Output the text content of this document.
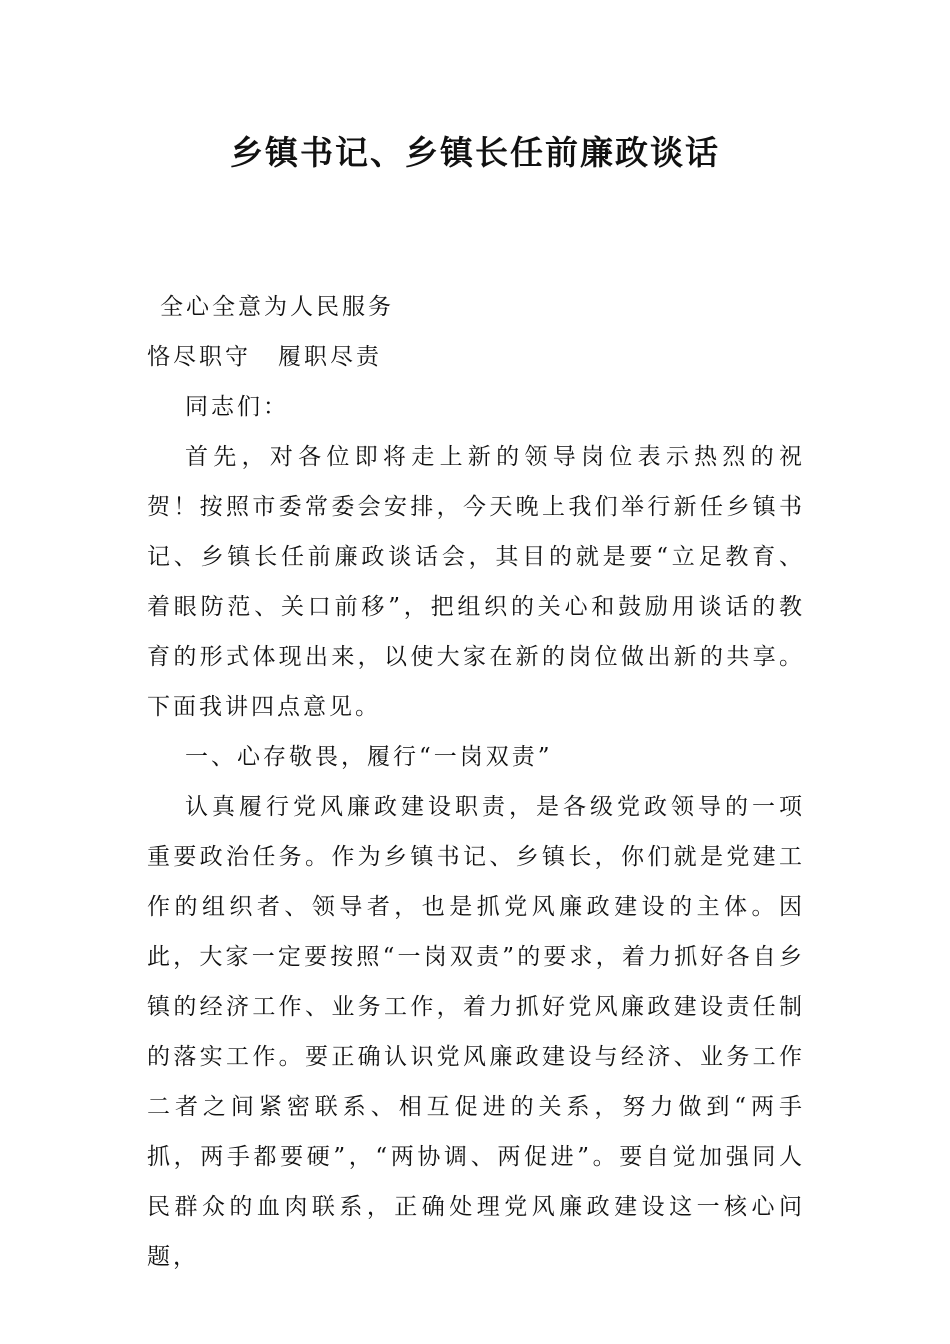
乡镇书记、乡镇长任前廉政谈话

全心全意为人民服务

恪尽职守 履职尽责

同志们：

首先，对各位即将走上新的领导岗位表示热烈的祝贺！按照市委常委会安排，今天晚上我们举行新任乡镇书记、乡镇长任前廉政谈话会，其目的就是要“立足教育、着眼防范、关口前移”，把组织的关心和鼓励用谈话的教育的形式体现出来，以使大家在新的岗位做出新的共享。下面我讲四点意见。

一、心存敬畏，履行“一岗双责”

认真履行党风廉政建设职责，是各级党政领导的一项重要政治任务。作为乡镇书记、乡镇长，你们就是党建工作的组织者、领导者，也是抓党风廉政建设的主体。因此，大家一定要按照“一岗双责”的要求，着力抓好各自乡镇的经济工作、业务工作，着力抓好党风廉政建设责任制的落实工作。要正确认识党风廉政建设与经济、业务工作二者之间紧密联系、相互促进的关系，努力做到“两手抓，两手都要硬”，“两协调、两促进”。要自觉加强同人民群众的血肉联系，正确处理党风廉政建设这一核心问题，
